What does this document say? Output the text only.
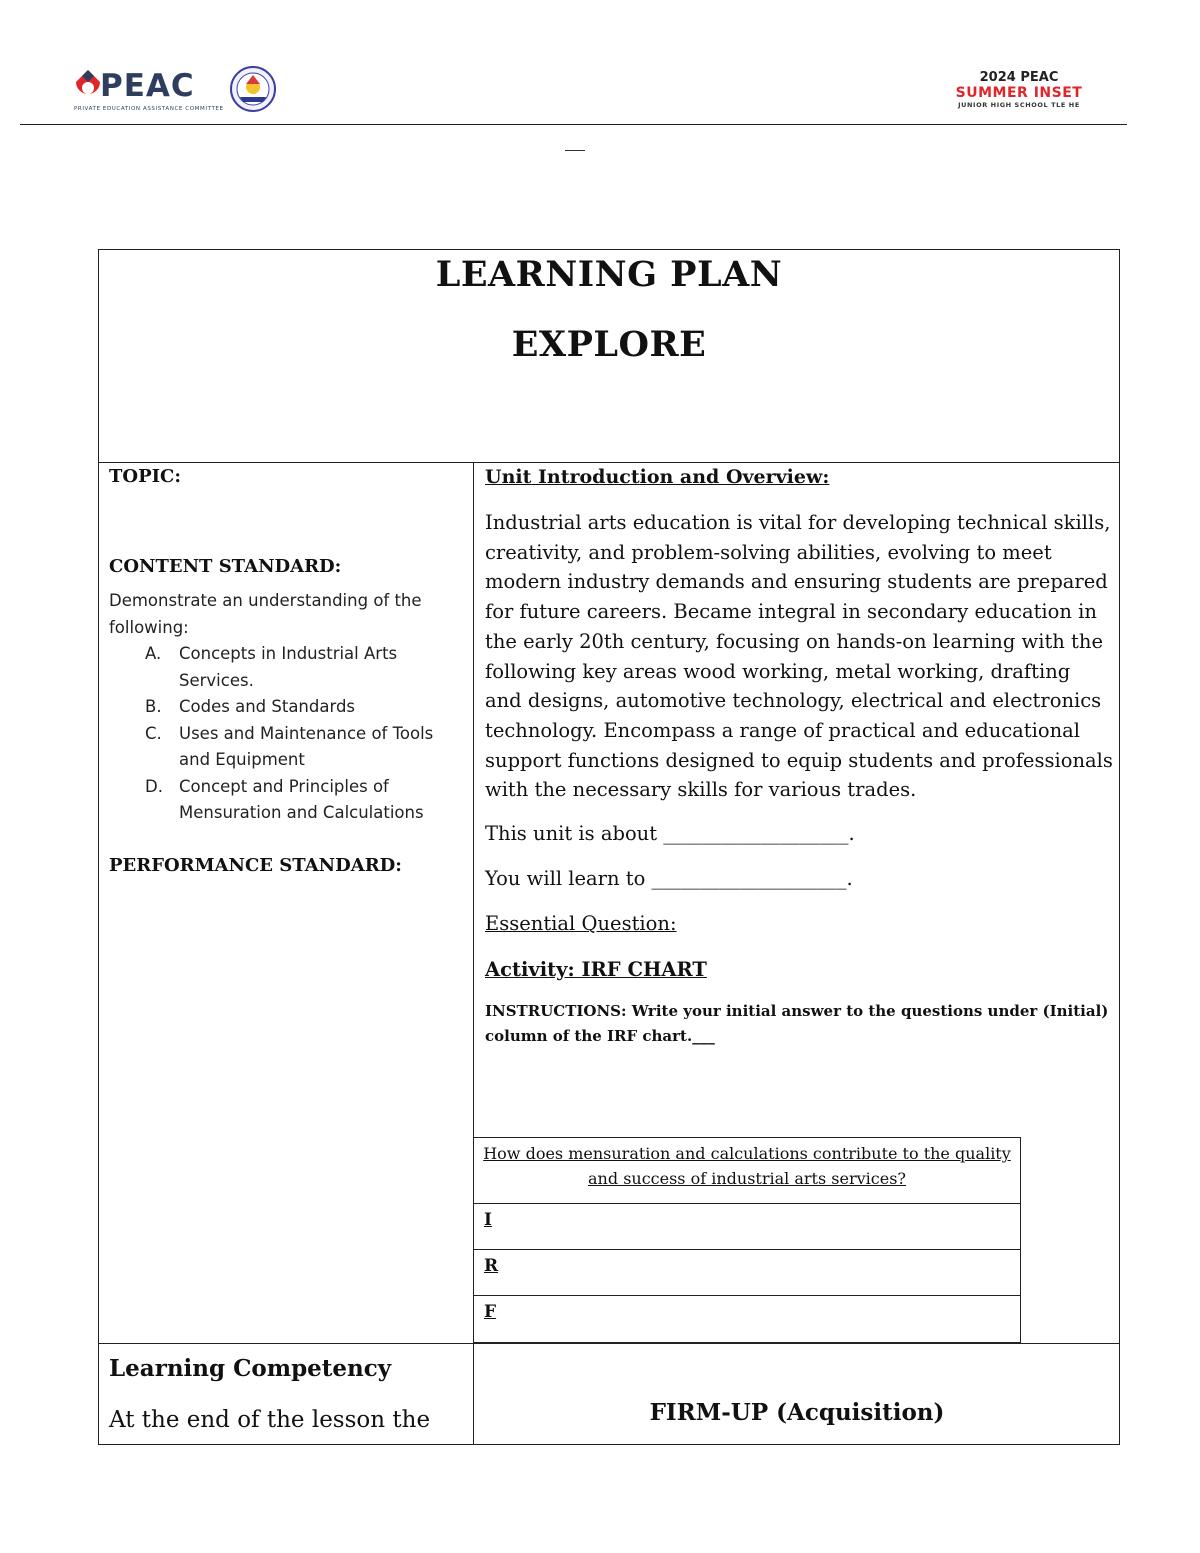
PEAC
PRIVATE EDUCATION ASSISTANCE COMMITTEE
2024 PEAC
SUMMER INSET
JUNIOR HIGH SCHOOL TLE HE
LEARNING PLAN
EXPLORE

TOPIC:

CONTENT STANDARD:

Demonstrate an understanding of the following:
A. Concepts in Industrial Arts
Services.
B. Codes and Standards
C. Uses and Maintenance of Tools
and Equipment
D. Concept and Principles of
Mensuration and Calculations

PERFORMANCE STANDARD:

Unit Introduction and Overview:

Industrial arts education is vital for developing technical skills, creativity, and problem-solving abilities, evolving to meet modern industry demands and ensuring students are prepared for future careers. Became integral in secondary education in the early 20th century, focusing on hands-on learning with the following key areas wood working, metal working, drafting and designs, automotive technology, electrical and electronics technology. Encompass a range of practical and educational support functions designed to equip students and professionals with the necessary skills for various trades.

This unit is about ___________________.

You will learn to ____________________.

Essential Question:

Activity: IRF CHART

INSTRUCTIONS: Write your initial answer to the questions under (Initial) column of the IRF chart.___

How does mensuration and calculations contribute to the quality and success of industrial arts services?
I
R
F
Learning Competency
At the end of the lesson the	FIRM-UP (Acquisition)
